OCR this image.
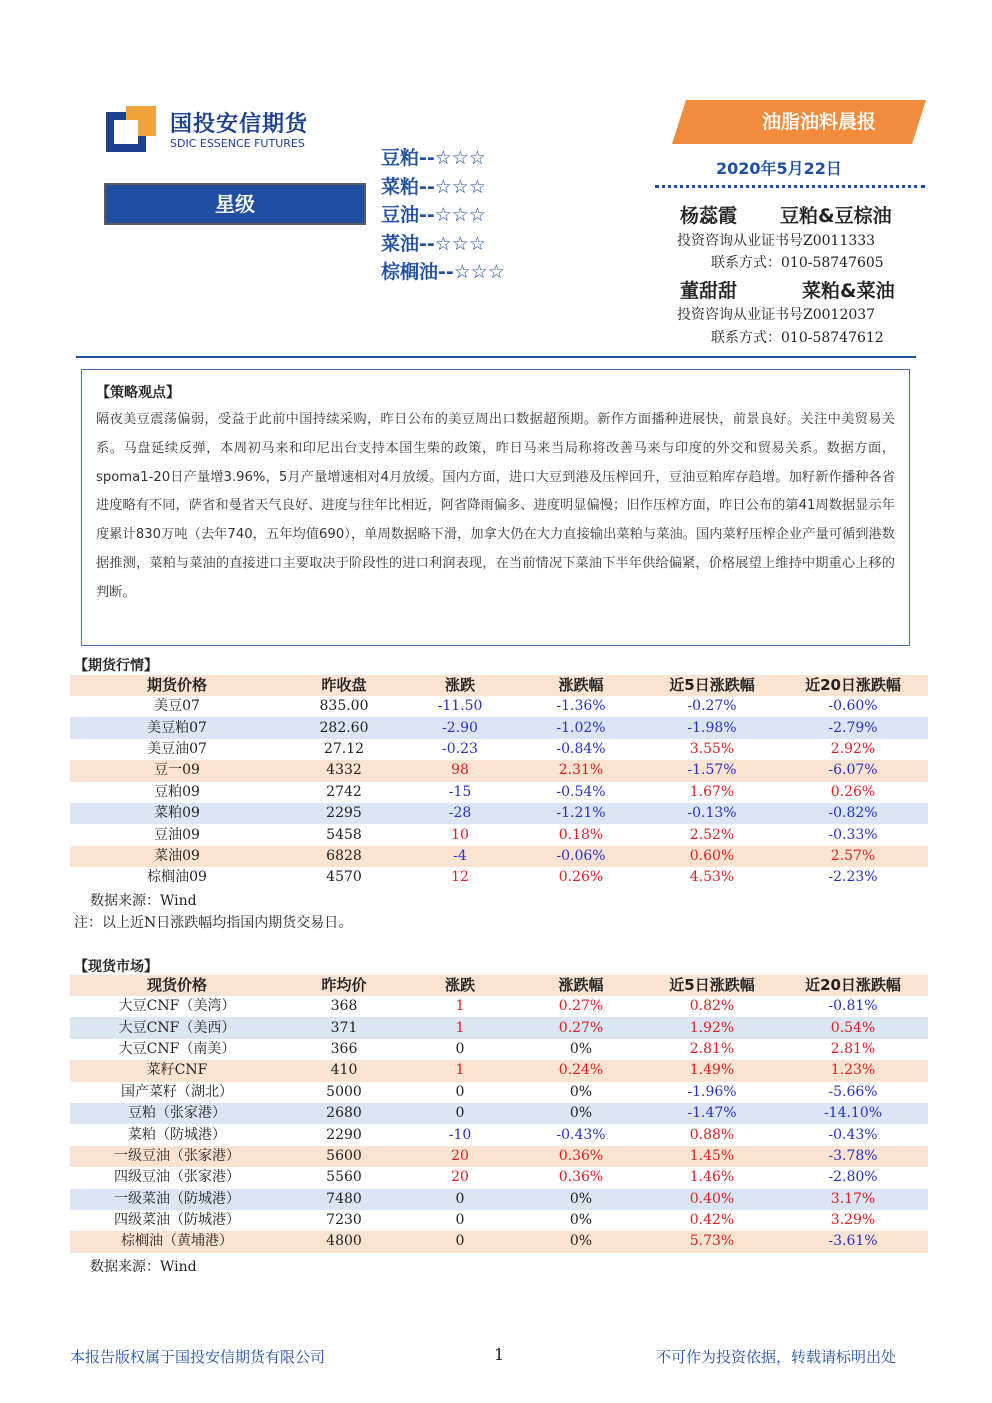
国投安信期货
SDIC ESSENCE FUTURES
星级
豆粕--☆☆☆
菜粕--☆☆☆
豆油--☆☆☆
菜油--☆☆☆
棕榈油--☆☆☆
油脂油料晨报
2020年5月22日
杨蕊霞 豆粕&豆棕油
投资咨询从业证书号Z0011333
联系方式：010-58747605
董甜甜	菜粕&菜油
投资咨询从业证书号Z0012037
联系方式：010-58747612
【策略观点】
隔夜美豆震荡偏弱，受益于此前中国持续采购，昨日公布的美豆周出口数据超预期。新作方面播种进展快，前景良好。关注中美贸易关系。马盘延续反弹，本周初马来和印尼出台支持本国生柴的政策，昨日马来当局称将改善马来与印度的外交和贸易关系。数据方面，spoma1-20日产量增3.96%，5月产量增速相对4月放缓。国内方面，进口大豆到港及压榨回升，豆油豆粕库存趋增。加籽新作播种各省进度略有不同，萨省和曼省天气良好、进度与往年比相近，阿省降雨偏多、进度明显偏慢；旧作压榨方面，昨日公布的第41周数据显示年度累计830万吨（去年740，五年均值690），单周数据略下滑，加拿大仍在大力直接输出菜粕与菜油。国内菜籽压榨企业产量可循到港数据推测，菜粕与菜油的直接进口主要取决于阶段性的进口利润表现，在当前情况下菜油下半年供给偏紧，价格展望上维持中期重心上移的判断。
【期货行情】
期货价格	昨收盘	涨跌	涨跌幅	近5日涨跌幅	近20日涨跌幅
美豆07	835.00	-11.50	-1.36%	-0.27%	-0.60%
美豆粕07	282.60	-2.90	-1.02%	-1.98%	-2.79%
美豆油07	27.12	-0.23	-0.84%	3.55%	2.92%
豆一09	4332	98	2.31%	-1.57%	-6.07%
豆粕09	2742	-15	-0.54%	1.67%	0.26%
菜粕09	2295	-28	-1.21%	-0.13%	-0.82%
豆油09	5458	10	0.18%	2.52%	-0.33%
菜油09	6828	-4	-0.06%	0.60%	2.57%
棕榈油09	4570	12	0.26%	4.53%	-2.23%
数据来源：Wind
注：以上近N日涨跌幅均指国内期货交易日。
【现货市场】
现货价格	昨均价	涨跌	涨跌幅	近5日涨跌幅	近20日涨跌幅
大豆CNF（美湾）	368	1	0.27%	0.82%	-0.81%
大豆CNF（美西）	371	1	0.27%	1.92%	0.54%
大豆CNF（南美）	366	0	0%	2.81%	2.81%
菜籽CNF	410	1	0.24%	1.49%	1.23%
国产菜籽（湖北）	5000	0	0%	-1.96%	-5.66%
豆粕（张家港）	2680	0	0%	-1.47%	-14.10%
菜粕（防城港）	2290	-10	-0.43%	0.88%	-0.43%
一级豆油（张家港）	5600	20	0.36%	1.45%	-3.78%
四级豆油（张家港）	5560	20	0.36%	1.46%	-2.80%
一级菜油（防城港）	7480	0	0%	0.40%	3.17%
四级菜油（防城港）	7230	0	0%	0.42%	3.29%
棕榈油（黄埔港）	4800	0	0%	5.73%	-3.61%
数据来源：Wind
本报告版权属于国投安信期货有限公司	1	不可作为投资依据，转载请标明出处
